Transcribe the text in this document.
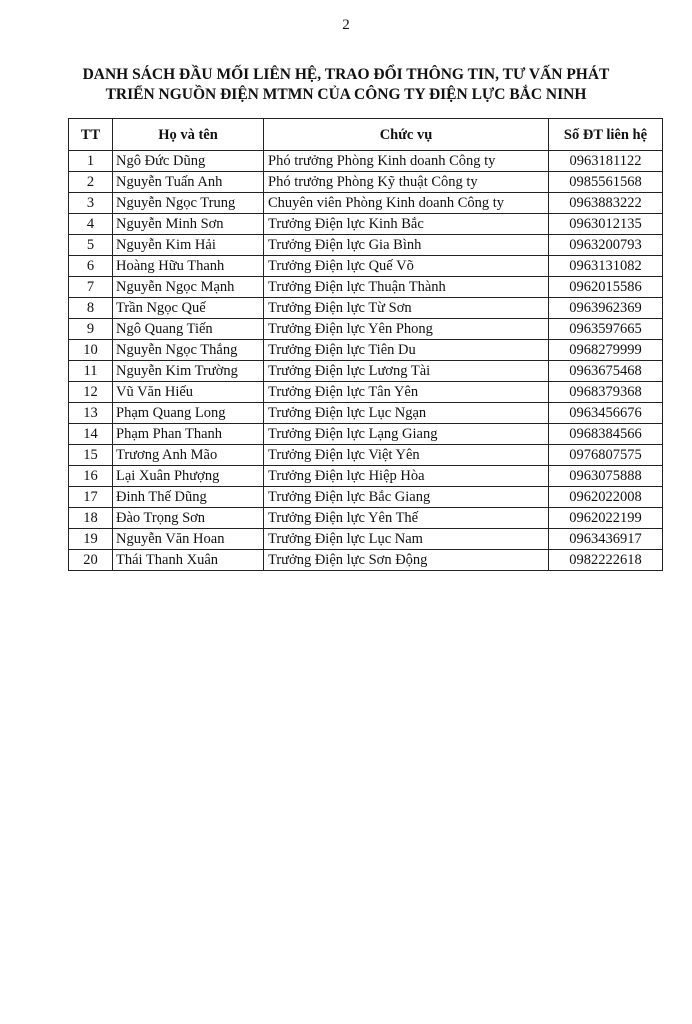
2
DANH SÁCH ĐẦU MỐI LIÊN HỆ, TRAO ĐỔI THÔNG TIN, TƯ VẤN PHÁT
TRIỂN NGUỒN ĐIỆN MTMN CỦA CÔNG TY ĐIỆN LỰC BẮC NINH
TT	Họ và tên	Chức vụ	Số ĐT liên hệ
1	Ngô Đức Dũng	Phó trưởng Phòng Kinh doanh Công ty	0963181122
2	Nguyễn Tuấn Anh	Phó trưởng Phòng Kỹ thuật Công ty	0985561568
3	Nguyễn Ngọc Trung	Chuyên viên Phòng Kinh doanh Công ty	0963883222
4	Nguyễn Minh Sơn	Trưởng Điện lực Kinh Bắc	0963012135
5	Nguyễn Kim Hải	Trưởng Điện lực Gia Bình	0963200793
6	Hoàng Hữu Thanh	Trưởng Điện lực Quế Võ	0963131082
7	Nguyễn Ngọc Mạnh	Trưởng Điện lực Thuận Thành	0962015586
8	Trần Ngọc Quế	Trưởng Điện lực Từ Sơn	0963962369
9	Ngô Quang Tiến	Trưởng Điện lực Yên Phong	0963597665
10	Nguyễn Ngọc Thắng	Trưởng Điện lực Tiên Du	0968279999
11	Nguyễn Kim Trường	Trưởng Điện lực Lương Tài	0963675468
12	Vũ Văn Hiếu	Trưởng Điện lực Tân Yên	0968379368
13	Phạm Quang Long	Trưởng Điện lực Lục Ngạn	0963456676
14	Phạm Phan Thanh	Trưởng Điện lực Lạng Giang	0968384566
15	Trương Anh Mão	Trưởng Điện lực Việt Yên	0976807575
16	Lại Xuân Phượng	Trưởng Điện lực Hiệp Hòa	0963075888
17	Đinh Thế Dũng	Trưởng Điện lực Bắc Giang	0962022008
18	Đào Trọng Sơn	Trưởng Điện lực Yên Thế	0962022199
19	Nguyễn Văn Hoan	Trưởng Điện lực Lục Nam	0963436917
20	Thái Thanh Xuân	Trưởng Điện lực Sơn Động	0982222618
